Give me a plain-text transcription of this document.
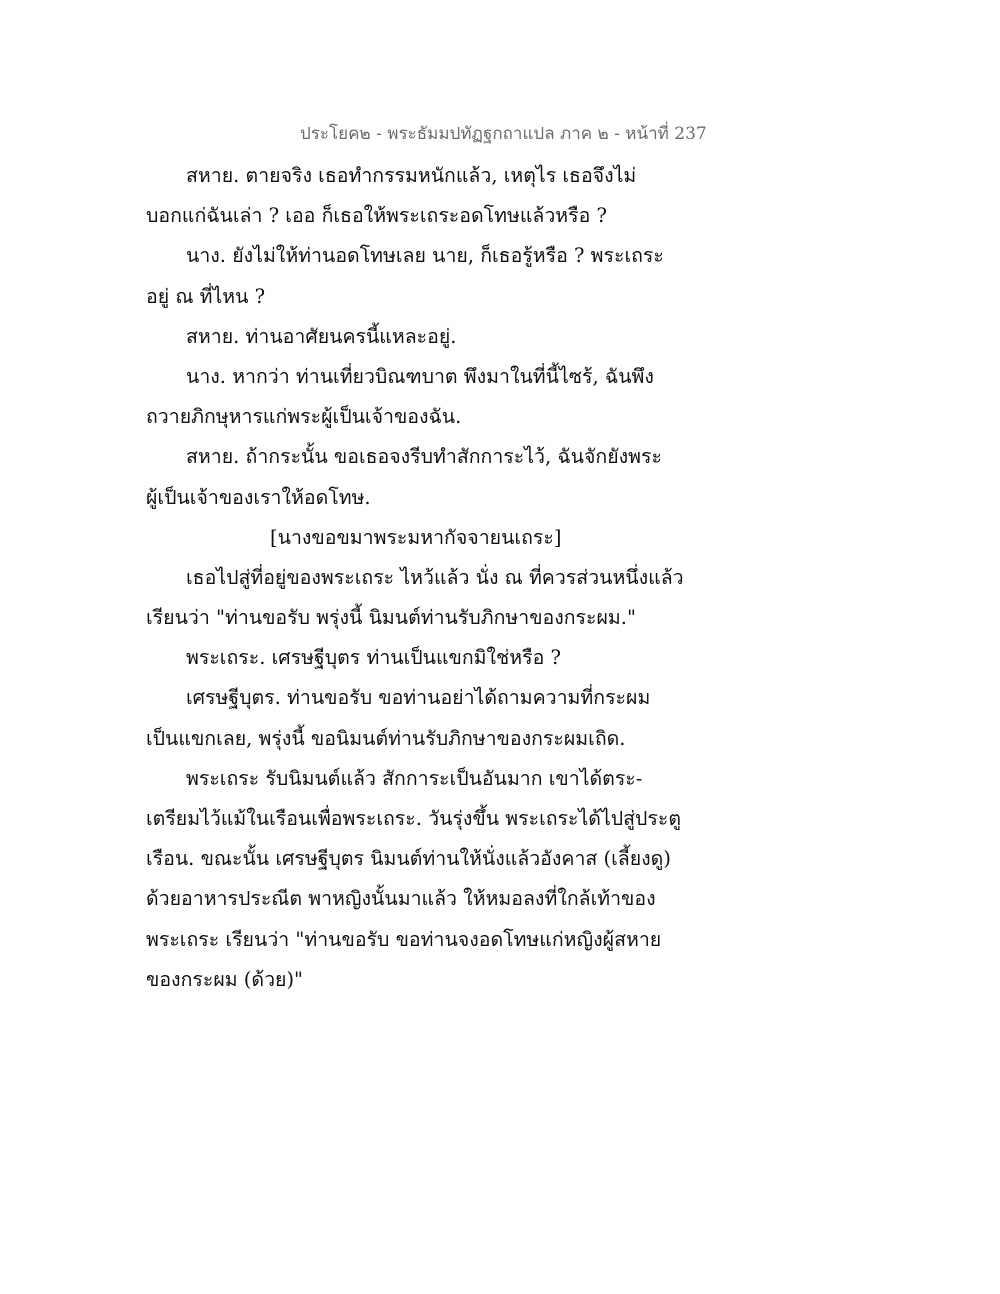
ประโยค๒ - พระธัมมปทัฏฐกถาแปล ภาค ๒ - หน้าที่ 237
สหาย. ตายจริง เธอทำกรรมหนักแล้ว, เหตุไร เธอจึงไม่
บอกแก่ฉันเล่า ? เออ ก็เธอให้พระเถระอดโทษแล้วหรือ ?
นาง. ยังไม่ให้ท่านอดโทษเลย นาย, ก็เธอรู้หรือ ? พระเถระ
อยู่ ณ ที่ไหน ?
สหาย. ท่านอาศัยนครนี้แหละอยู่.
นาง. หากว่า ท่านเที่ยวบิณฑบาต พึงมาในที่นี้ไซร้, ฉันพึง
ถวายภิกษุหารแก่พระผู้เป็นเจ้าของฉัน.
สหาย. ถ้ากระนั้น ขอเธอจงรีบทำสักการะไว้, ฉันจักยังพระ
ผู้เป็นเจ้าของเราให้อดโทษ.
[นางขอขมาพระมหากัจจายนเถระ]
เธอไปสู่ที่อยู่ของพระเถระ ไหว้แล้ว นั่ง ณ ที่ควรส่วนหนึ่งแล้ว
เรียนว่า "ท่านขอรับ พรุ่งนี้ นิมนต์ท่านรับภิกษาของกระผม."
พระเถระ. เศรษฐีบุตร ท่านเป็นแขกมิใช่หรือ ?
เศรษฐีบุตร. ท่านขอรับ ขอท่านอย่าได้ถามความที่กระผม
เป็นแขกเลย, พรุ่งนี้ ขอนิมนต์ท่านรับภิกษาของกระผมเถิด.
พระเถระ รับนิมนต์แล้ว สักการะเป็นอันมาก เขาได้ตระ-
เตรียมไว้แม้ในเรือนเพื่อพระเถระ. วันรุ่งขึ้น พระเถระได้ไปสู่ประตู
เรือน. ขณะนั้น เศรษฐีบุตร นิมนต์ท่านให้นั่งแล้วอังคาส (เลี้ยงดู)
ด้วยอาหารประณีต พาหญิงนั้นมาแล้ว ให้หมอลงที่ใกล้เท้าของ
พระเถระ เรียนว่า "ท่านขอรับ ขอท่านจงอดโทษแก่หญิงผู้สหาย
ของกระผม (ด้วย)"
